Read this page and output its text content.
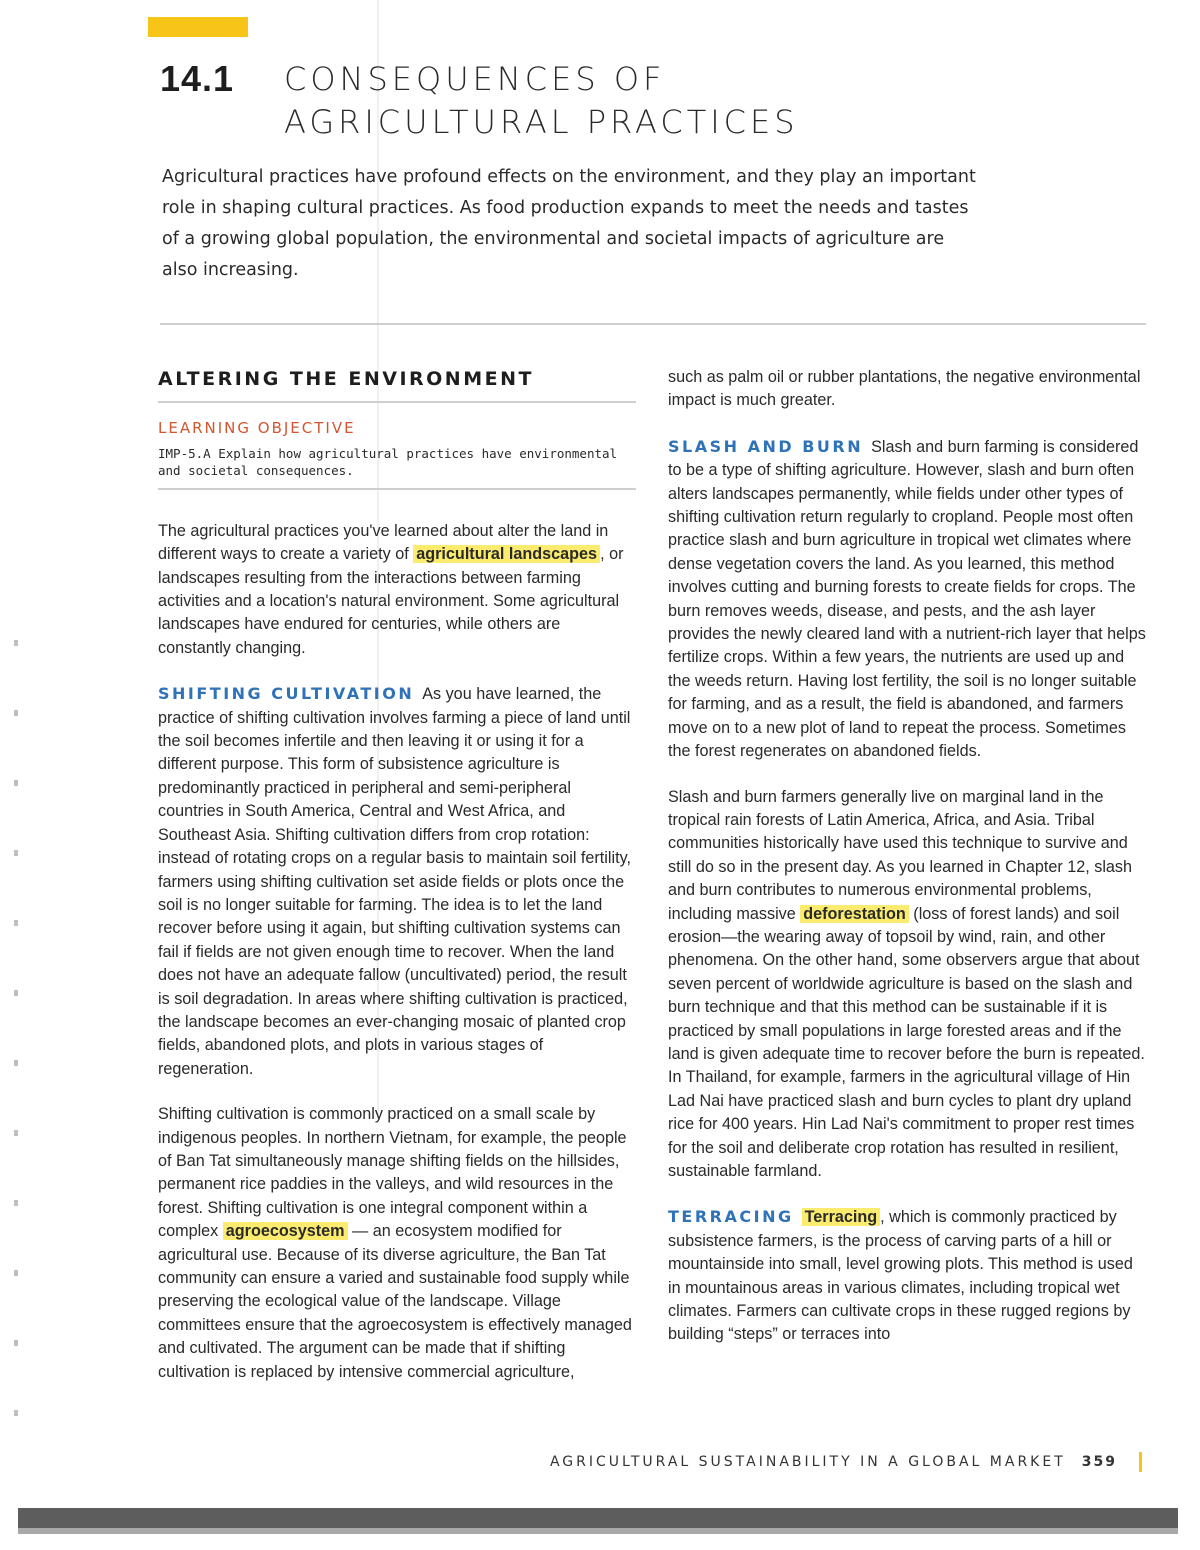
14.1	CONSEQUENCES OF
AGRICULTURAL PRACTICES

Agricultural practices have profound effects on the environment, and they play an important role in shaping cultural practices. As food production expands to meet the needs and tastes of a growing global population, the environmental and societal impacts of agriculture are also increasing.

ALTERING THE ENVIRONMENT
LEARNING OBJECTIVE
IMP-5.A Explain how agricultural practices have environmental and societal consequences.

The agricultural practices you've learned about alter the land in different ways to create a variety of agricultural landscapes , or landscapes resulting from the interactions between farming activities and a location's natural environment. Some agricultural landscapes have endured for centuries, while others are constantly changing.

SHIFTING CULTIVATION As you have learned, the practice of shifting cultivation involves farming a piece of land until the soil becomes infertile and then leaving it or using it for a different purpose. This form of subsistence agriculture is predominantly practiced in peripheral and semi-peripheral countries in South America, Central and West Africa, and Southeast Asia. Shifting cultivation differs from crop rotation: instead of rotating crops on a regular basis to maintain soil fertility, farmers using shifting cultivation set aside fields or plots once the soil is no longer suitable for farming. The idea is to let the land recover before using it again, but shifting cultivation systems can fail if fields are not given enough time to recover. When the land does not have an adequate fallow (uncultivated) period, the result is soil degradation. In areas where shifting cultivation is practiced, the landscape becomes an ever-changing mosaic of planted crop fields, abandoned plots, and plots in various stages of regeneration.

Shifting cultivation is commonly practiced on a small scale by indigenous peoples. In northern Vietnam, for example, the people of Ban Tat simultaneously manage shifting fields on the hillsides, permanent rice paddies in the valleys, and wild resources in the forest. Shifting cultivation is one integral component within a complex agroecosystem — an ecosystem modified for agricultural use. Because of its diverse agriculture, the Ban Tat community can ensure a varied and sustainable food supply while preserving the ecological value of the landscape. Village committees ensure that the agroecosystem is effectively managed and cultivated. The argument can be made that if shifting cultivation is replaced by intensive commercial agriculture,

such as palm oil or rubber plantations, the negative environmental impact is much greater.

SLASH AND BURN Slash and burn farming is considered to be a type of shifting agriculture. However, slash and burn often alters landscapes permanently, while fields under other types of shifting cultivation return regularly to cropland. People most often practice slash and burn agriculture in tropical wet climates where dense vegetation covers the land. As you learned, this method involves cutting and burning forests to create fields for crops. The burn removes weeds, disease, and pests, and the ash layer provides the newly cleared land with a nutrient-rich layer that helps fertilize crops. Within a few years, the nutrients are used up and the weeds return. Having lost fertility, the soil is no longer suitable for farming, and as a result, the field is abandoned, and farmers move on to a new plot of land to repeat the process. Sometimes the forest regenerates on abandoned fields.

Slash and burn farmers generally live on marginal land in the tropical rain forests of Latin America, Africa, and Asia. Tribal communities historically have used this technique to survive and still do so in the present day. As you learned in Chapter 12, slash and burn contributes to numerous environmental problems, including massive deforestation (loss of forest lands) and soil erosion—the wearing away of topsoil by wind, rain, and other phenomena. On the other hand, some observers argue that about seven percent of worldwide agriculture is based on the slash and burn technique and that this method can be sustainable if it is practiced by small populations in large forested areas and if the land is given adequate time to recover before the burn is repeated. In Thailand, for example, farmers in the agricultural village of Hin Lad Nai have practiced slash and burn cycles to plant dry upland rice for 400 years. Hin Lad Nai's commitment to proper rest times for the soil and deliberate crop rotation has resulted in resilient, sustainable farmland.

TERRACING Terracing , which is commonly practiced by subsistence farmers, is the process of carving parts of a hill or mountainside into small, level growing plots. This method is used in mountainous areas in various climates, including tropical wet climates. Farmers can cultivate crops in these rugged regions by building “steps” or terraces into

AGRICULTURAL SUSTAINABILITY IN A GLOBAL MARKET 359
